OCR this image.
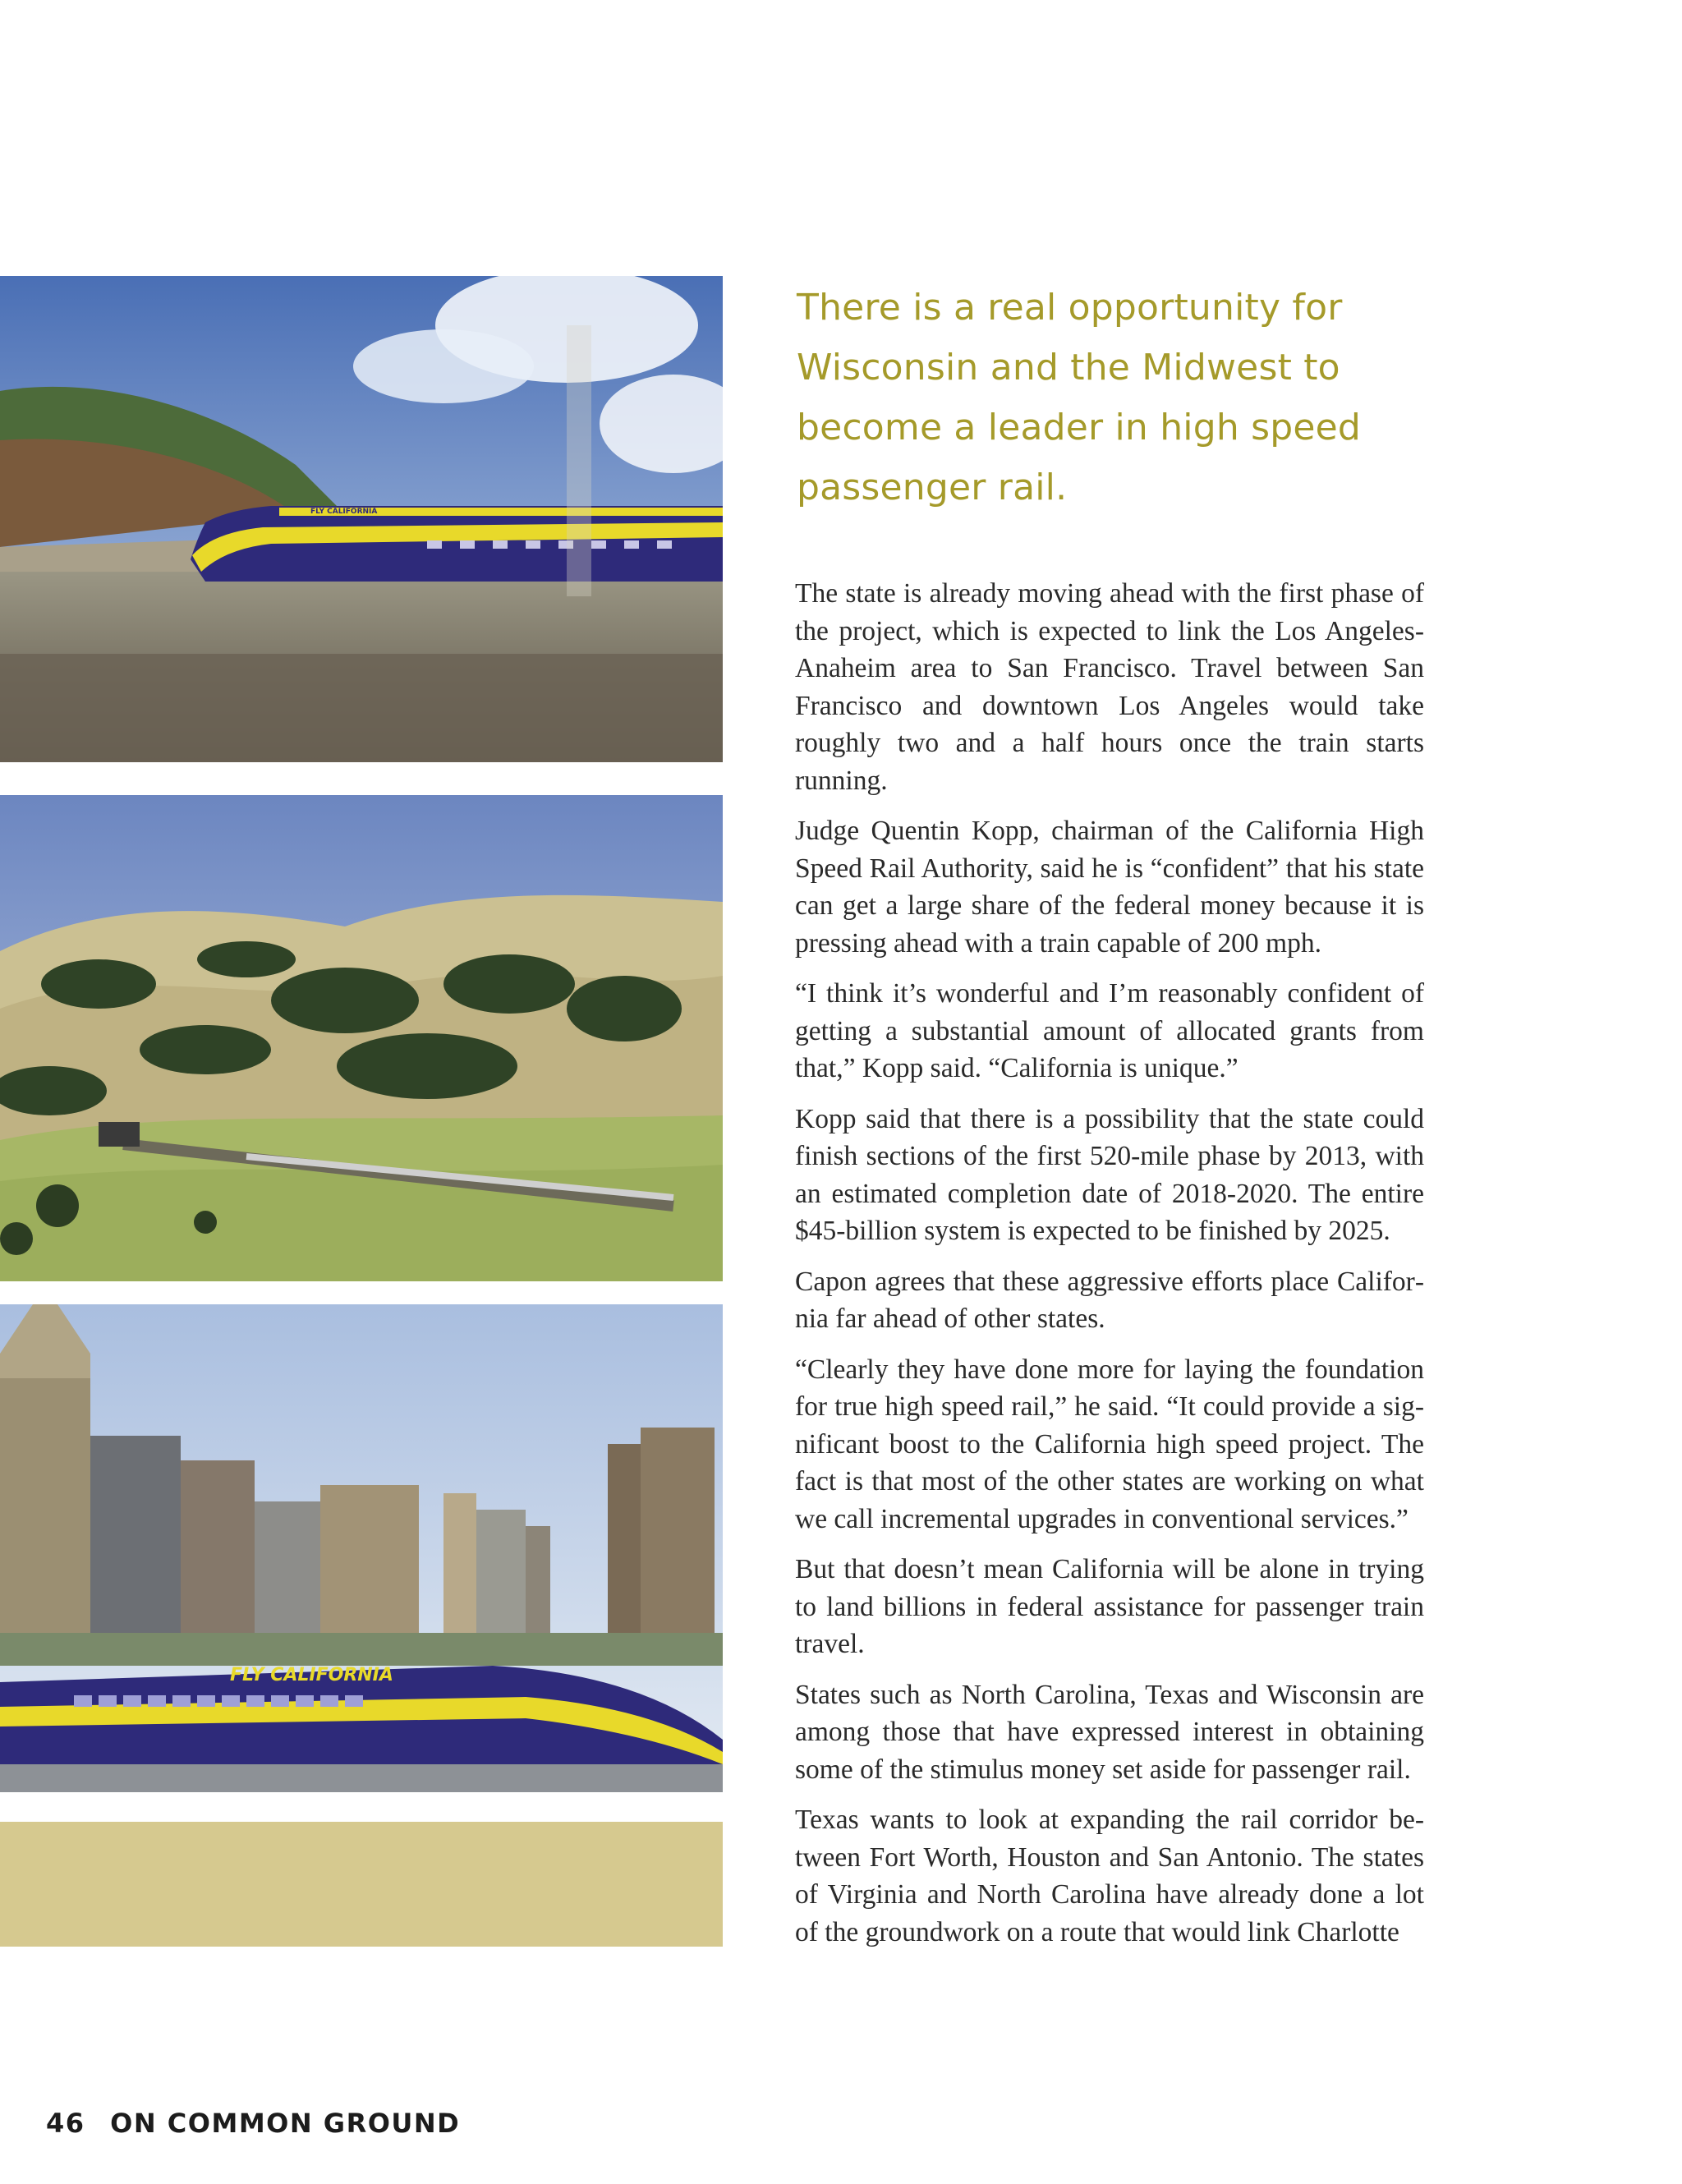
FLY CALIFORNIA
FLY CALIFORNIA
There is a real opportunity for Wisconsin and the Midwest to become a leader in high speed passenger rail.

The state is already moving ahead with the first phase of the project, which is expected to link the Los Angeles-Anaheim area to San Francisco. Travel between San Francisco and downtown Los Angeles would take roughly two and a half hours once the train starts running.

Judge Quentin Kopp, chairman of the California High Speed Rail Authority, said he is “confident” that his state can get a large share of the federal money because it is pressing ahead with a train capable of 200 mph.

“I think it’s wonderful and I’m reasonably confident of getting a substantial amount of allocated grants from that,” Kopp said. “California is unique.”

Kopp said that there is a possibility that the state could finish sections of the first 520-mile phase by 2013, with an estimated completion date of 2018-2020. The entire $45-billion system is expected to be finished by 2025.

Capon agrees that these aggressive efforts place California far ahead of other states.

“Clearly they have done more for laying the foundation for true high speed rail,” he said. “It could provide a significant boost to the California high speed project. The fact is that most of the other states are working on what we call incremental upgrades in conventional services.”

But that doesn’t mean California will be alone in trying to land billions in federal assistance for passenger train travel.

States such as North Carolina, Texas and Wisconsin are among those that have expressed interest in obtaining some of the stimulus money set aside for passenger rail.

Texas wants to look at expanding the rail corridor between Fort Worth, Houston and San Antonio. The states of Virginia and North Carolina have already done a lot of the groundwork on a route that would link Charlotte

46 ON COMMON GROUND
